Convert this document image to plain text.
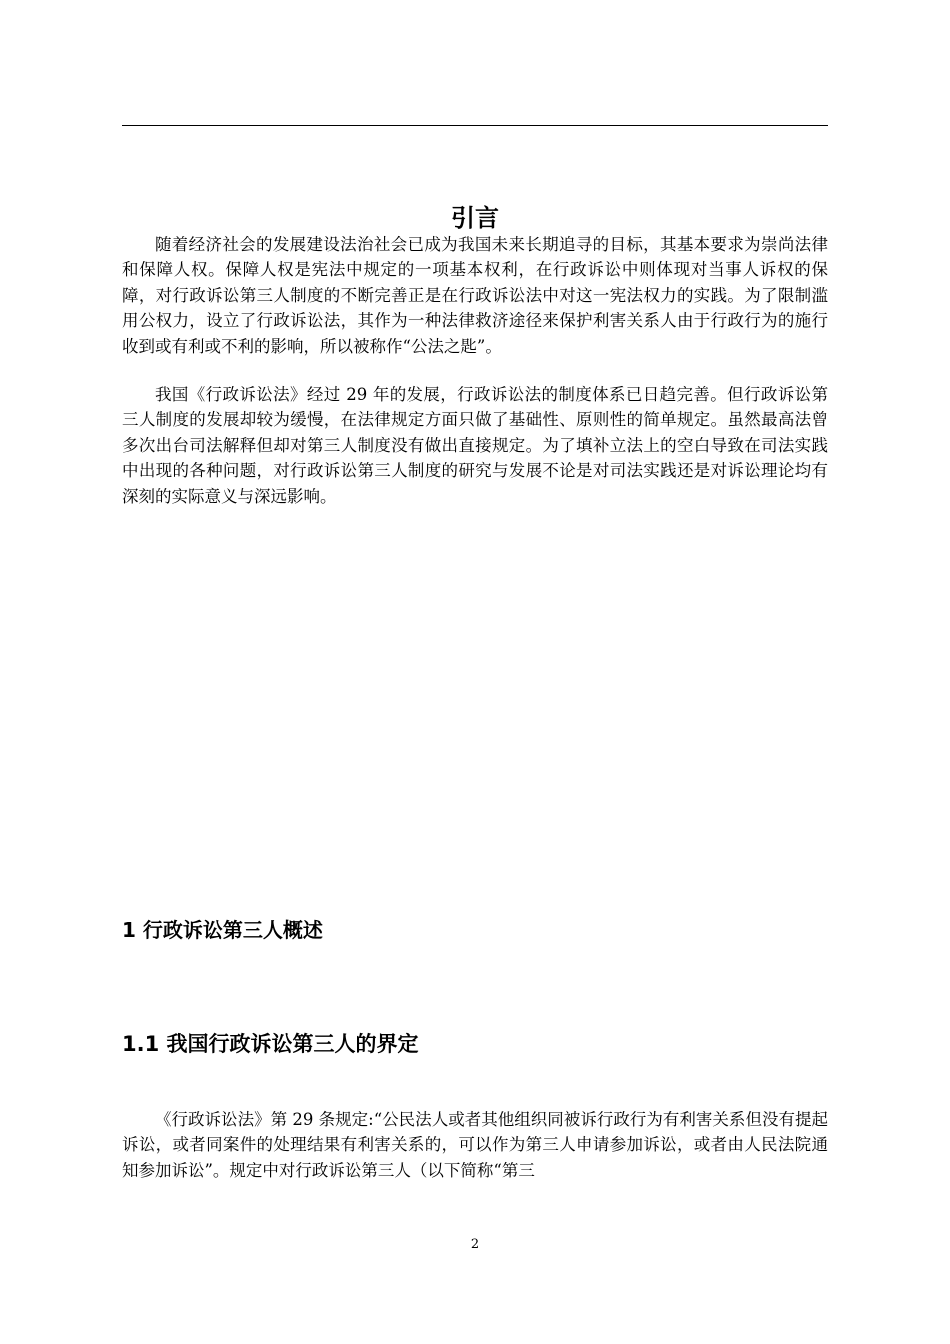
引言

随着经济社会的发展建设法治社会已成为我国未来长期追寻的目标，其基本要求为崇尚法律和保障人权。保障人权是宪法中规定的一项基本权利，在行政诉讼中则体现对当事人诉权的保障，对行政诉讼第三人制度的不断完善正是在行政诉讼法中对这一宪法权力的实践。为了限制滥用公权力，设立了行政诉讼法，其作为一种法律救济途径来保护利害关系人由于行政行为的施行收到或有利或不利的影响，所以被称作“公法之匙”。

我国《行政诉讼法》经过 29 年的发展，行政诉讼法的制度体系已日趋完善。但行政诉讼第三人制度的发展却较为缓慢，在法律规定方面只做了基础性、原则性的简单规定。虽然最高法曾多次出台司法解释但却对第三人制度没有做出直接规定。为了填补立法上的空白导致在司法实践中出现的各种问题，对行政诉讼第三人制度的研究与发展不论是对司法实践还是对诉讼理论均有深刻的实际意义与深远影响。

1 行政诉讼第三人概述
1.1 我国行政诉讼第三人的界定

《行政诉讼法》第 29 条规定:“公民法人或者其他组织同被诉行政行为有利害关系但没有提起诉讼，或者同案件的处理结果有利害关系的，可以作为第三人申请参加诉讼，或者由人民法院通知参加诉讼”。规定中对行政诉讼第三人（以下简称“第三

2
